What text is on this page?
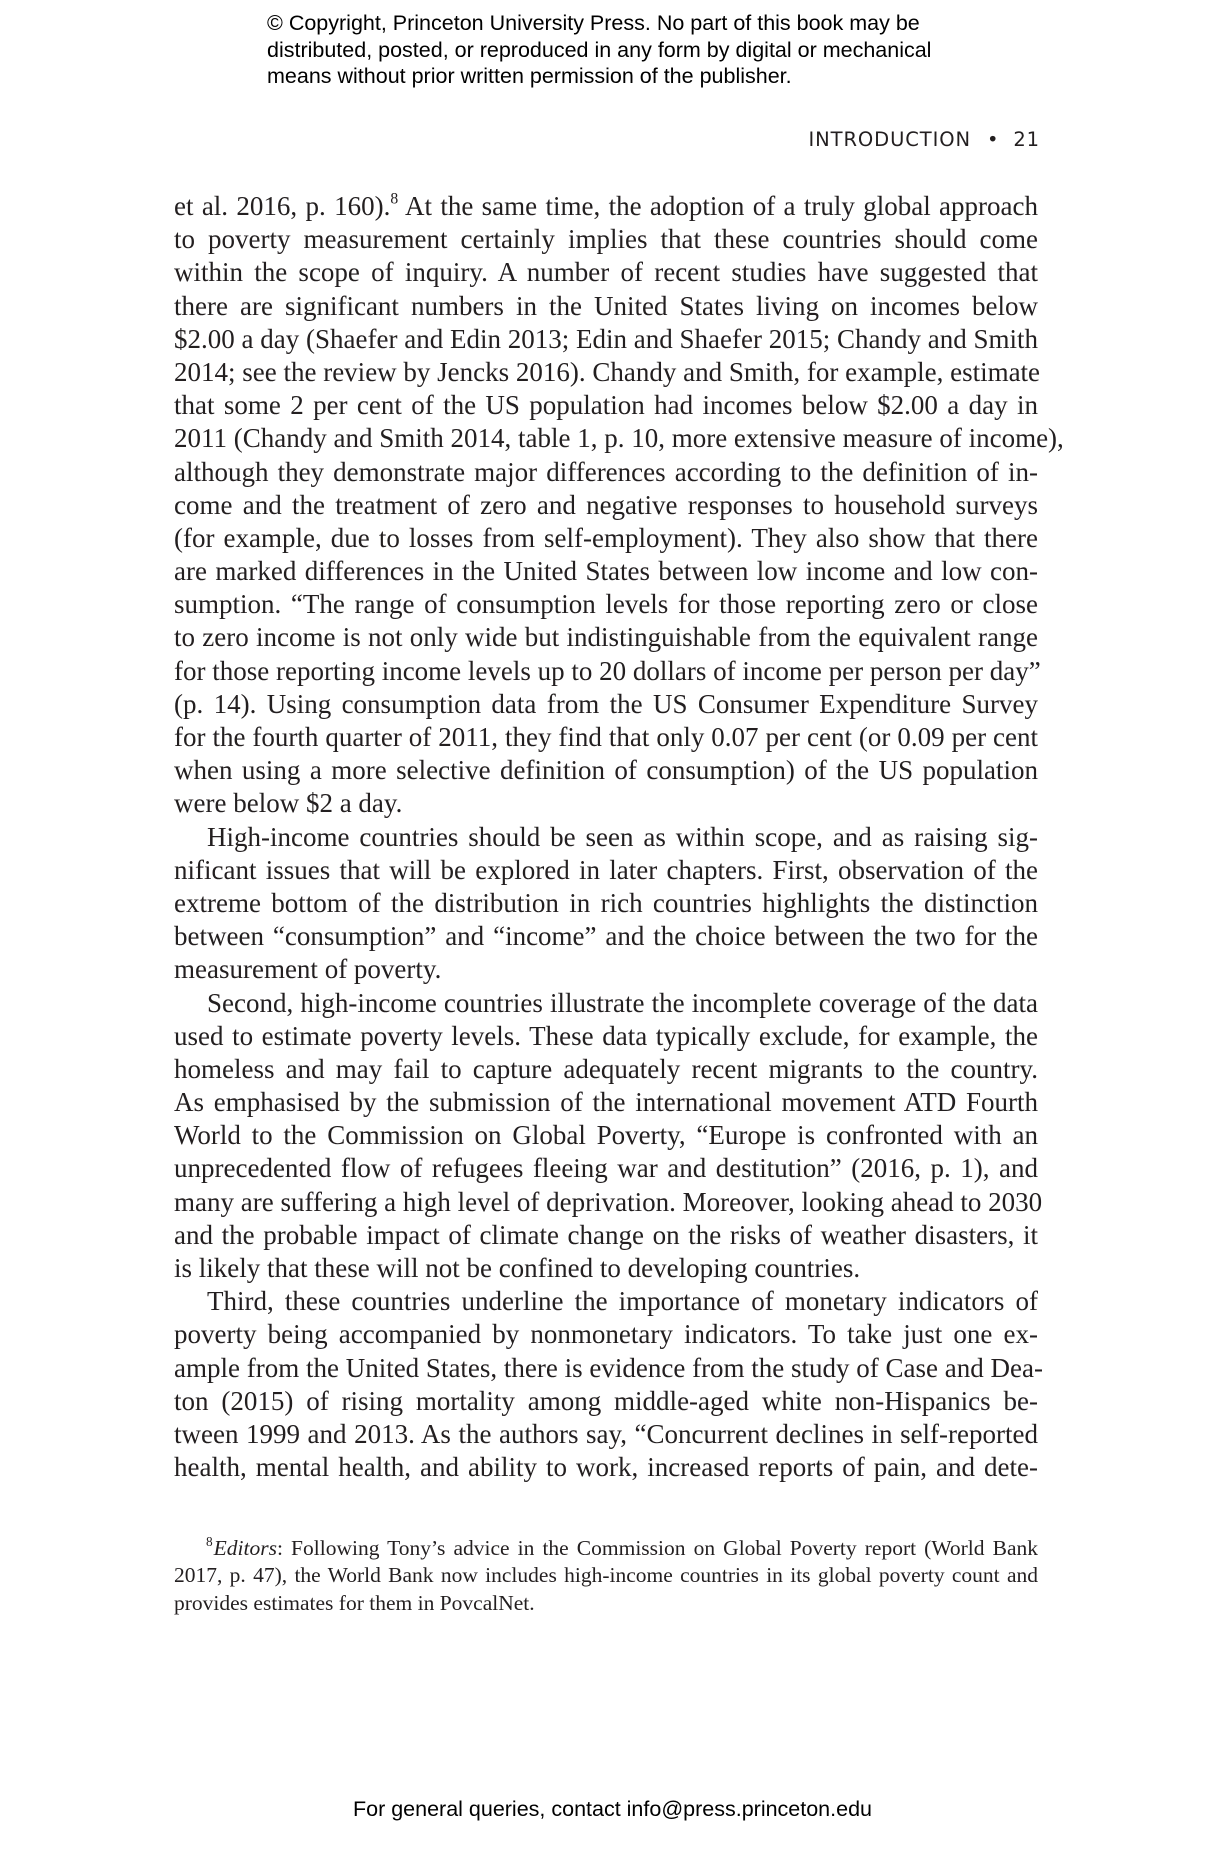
© Copyright, Princeton University Press. No part of this book may be
distributed, posted, or reproduced in any form by digital or mechanical
means without prior written permission of the publisher.
INTRODUCTION • 21
et al. 2016, p. 160).$^8$ At the same time, the adoption of a truly global approach
to poverty measurement certainly implies that these countries should come
within the scope of inquiry. A number of recent studies have suggested that
there are significant numbers in the United States living on incomes below
$2.00 a day (Shaefer and Edin 2013; Edin and Shaefer 2015; Chandy and Smith
2014; see the review by Jencks 2016). Chandy and Smith, for example, estimate
that some 2 per cent of the US population had incomes below $2.00 a day in
2011 (Chandy and Smith 2014, table 1, p. 10, more extensive measure of income),
although they demonstrate major differences according to the definition of in-
come and the treatment of zero and negative responses to household surveys
(for example, due to losses from self-employment). They also show that there
are marked differences in the United States between low income and low con-
sumption. “The range of consumption levels for those reporting zero or close
to zero income is not only wide but indistinguishable from the equivalent range
for those reporting income levels up to 20 dollars of income per person per day”
(p. 14). Using consumption data from the US Consumer Expenditure Survey
for the fourth quarter of 2011, they find that only 0.07 per cent (or 0.09 per cent
when using a more selective definition of consumption) of the US population
were below $2 a day.
High-income countries should be seen as within scope, and as raising sig-
nificant issues that will be explored in later chapters. First, observation of the
extreme bottom of the distribution in rich countries highlights the distinction
between “consumption” and “income” and the choice between the two for the
measurement of poverty.
Second, high-income countries illustrate the incomplete coverage of the data
used to estimate poverty levels. These data typically exclude, for example, the
homeless and may fail to capture adequately recent migrants to the country.
As emphasised by the submission of the international movement ATD Fourth
World to the Commission on Global Poverty, “Europe is confronted with an
unprecedented flow of refugees fleeing war and destitution” (2016, p. 1), and
many are suffering a high level of deprivation. Moreover, looking ahead to 2030
and the probable impact of climate change on the risks of weather disasters, it
is likely that these will not be confined to developing countries.
Third, these countries underline the importance of monetary indicators of
poverty being accompanied by nonmonetary indicators. To take just one ex-
ample from the United States, there is evidence from the study of Case and Dea-
ton (2015) of rising mortality among middle-aged white non-Hispanics be-
tween 1999 and 2013. As the authors say, “Concurrent declines in self-reported
health, mental health, and ability to work, increased reports of pain, and dete-
$^8$Editors: Following Tony’s advice in the Commission on Global Poverty report (World Bank
2017, p. 47), the World Bank now includes high-income countries in its global poverty count and
provides estimates for them in PovcalNet.
For general queries, contact info@press.princeton.edu
